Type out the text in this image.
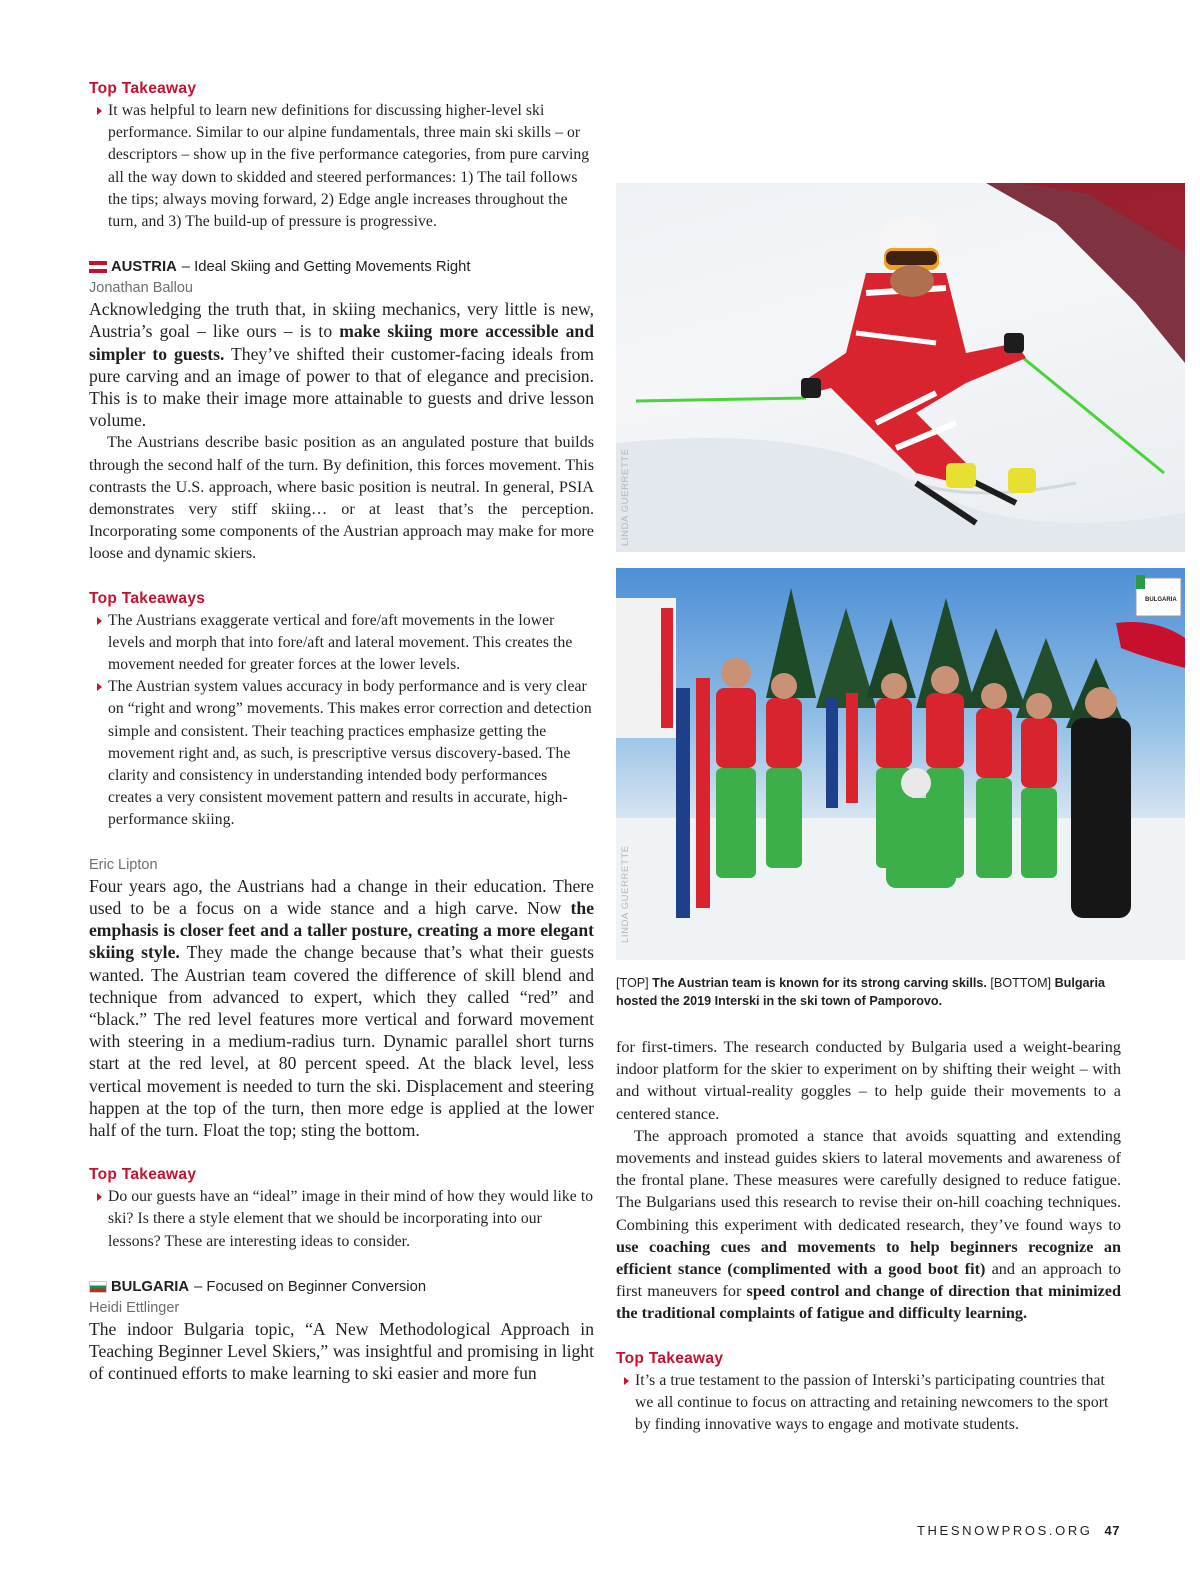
Top Takeaway

It was helpful to learn new definitions for discussing higher-level ski performance. Similar to our alpine fundamentals, three main ski skills – or descriptors – show up in the five performance categories, from pure carving all the way down to skidded and steered performances: 1) The tail follows the tips; always moving forward, 2) Edge angle increases throughout the turn, and 3) The build-up of pressure is progressive.

AUSTRIA – Ideal Skiing and Getting Movements Right

Jonathan Ballou

Acknowledging the truth that, in skiing mechanics, very little is new, Austria’s goal – like ours – is to make skiing more accessible and simpler to guests. They’ve shifted their customer-facing ideals from pure carving and an image of power to that of elegance and precision. This is to make their image more attainable to guests and drive lesson volume.

The Austrians describe basic position as an angulated posture that builds through the second half of the turn. By definition, this forces movement. This contrasts the U.S. approach, where basic position is neutral. In general, PSIA demonstrates very stiff skiing… or at least that’s the perception. Incorporating some components of the Austrian approach may make for more loose and dynamic skiers.

Top Takeaways

The Austrians exaggerate vertical and fore/aft movements in the lower levels and morph that into fore/aft and lateral movement. This creates the movement needed for greater forces at the lower levels.
The Austrian system values accuracy in body performance and is very clear on “right and wrong” movements. This makes error correction and detection simple and consistent. Their teaching practices emphasize getting the movement right and, as such, is prescriptive versus discovery-based. The clarity and consistency in understanding intended body performances creates a very consistent movement pattern and results in accurate, high-performance skiing.

Eric Lipton

Four years ago, the Austrians had a change in their education. There used to be a focus on a wide stance and a high carve. Now the emphasis is closer feet and a taller posture, creating a more elegant skiing style. They made the change because that’s what their guests wanted. The Austrian team covered the difference of skill blend and technique from advanced to expert, which they called “red” and “black.” The red level features more vertical and forward movement with steering in a medium-radius turn. Dynamic parallel short turns start at the red level, at 80 percent speed. At the black level, less vertical movement is needed to turn the ski. Displacement and steering happen at the top of the turn, then more edge is applied at the lower half of the turn. Float the top; sting the bottom.

Top Takeaway

Do our guests have an “ideal” image in their mind of how they would like to ski? Is there a style element that we should be incorporating into our lessons? These are interesting ideas to consider.

BULGARIA – Focused on Beginner Conversion

Heidi Ettlinger

The indoor Bulgaria topic, “A New Methodological Approach in Teaching Beginner Level Skiers,” was insightful and promising in light of continued efforts to make learning to ski easier and more fun

LINDA GUERRETTE
BULGARIA
LINDA GUERRETTE
[TOP] The Austrian team is known for its strong carving skills. [BOTTOM] Bulgaria hosted the 2019 Interski in the ski town of Pamporovo.

for first-timers. The research conducted by Bulgaria used a weight-bearing indoor platform for the skier to experiment on by shifting their weight – with and without virtual-reality goggles – to help guide their movements to a centered stance.

The approach promoted a stance that avoids squatting and extending movements and instead guides skiers to lateral movements and awareness of the frontal plane. These measures were carefully designed to reduce fatigue. The Bulgarians used this research to revise their on-hill coaching techniques. Combining this experiment with dedicated research, they’ve found ways to use coaching cues and movements to help beginners recognize an efficient stance (complimented with a good boot fit) and an approach to first maneuvers for speed control and change of direction that minimized the traditional complaints of fatigue and difficulty learning.

Top Takeaway

It’s a true testament to the passion of Interski’s participating countries that we all continue to focus on attracting and retaining newcomers to the sport by finding innovative ways to engage and motivate students.
THESNOWPROS.ORG 47
